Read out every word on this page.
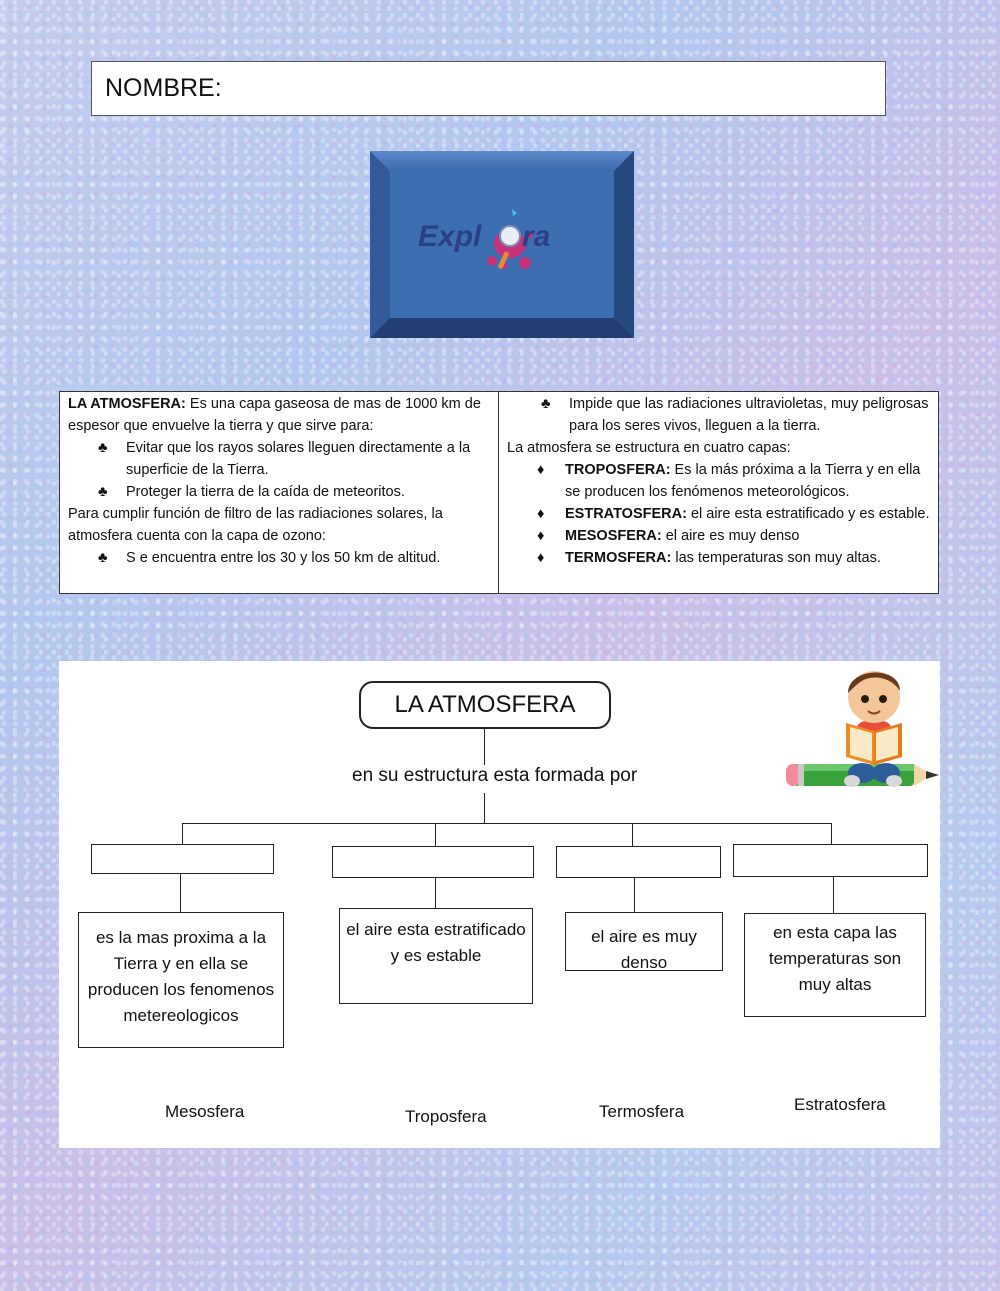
NOMBRE:
Expl ra
LA ATMOSFERA: Es una capa gaseosa de mas de 1000 km de espesor que envuelve la tierra y que sirve para:
♣ Evitar que los rayos solares lleguen directamente a la superficie de la Tierra.
♣ Proteger la tierra de la caída de meteoritos.
Para cumplir función de filtro de las radiaciones solares, la atmosfera cuenta con la capa de ozono:
♣ S e encuentra entre los 30 y los 50 km de altitud.
♣ Impide que las radiaciones ultravioletas, muy peligrosas para los seres vivos, lleguen a la tierra.
La atmosfera se estructura en cuatro capas:
♦ TROPOSFERA: Es la más próxima a la Tierra y en ella se producen los fenómenos meteorológicos.
♦ ESTRATOSFERA: el aire esta estratificado y es estable.
♦ MESOSFERA: el aire es muy denso
♦ TERMOSFERA: las temperaturas son muy altas.
LA ATMOSFERA
en su estructura esta formada por
es la mas proxima a la Tierra y en ella se producen los fenomenos metereologicos
el aire esta estratificado y es estable
el aire es muy denso
en esta capa las temperaturas son muy altas
Mesosfera	Troposfera	Termosfera	Estratosfera
